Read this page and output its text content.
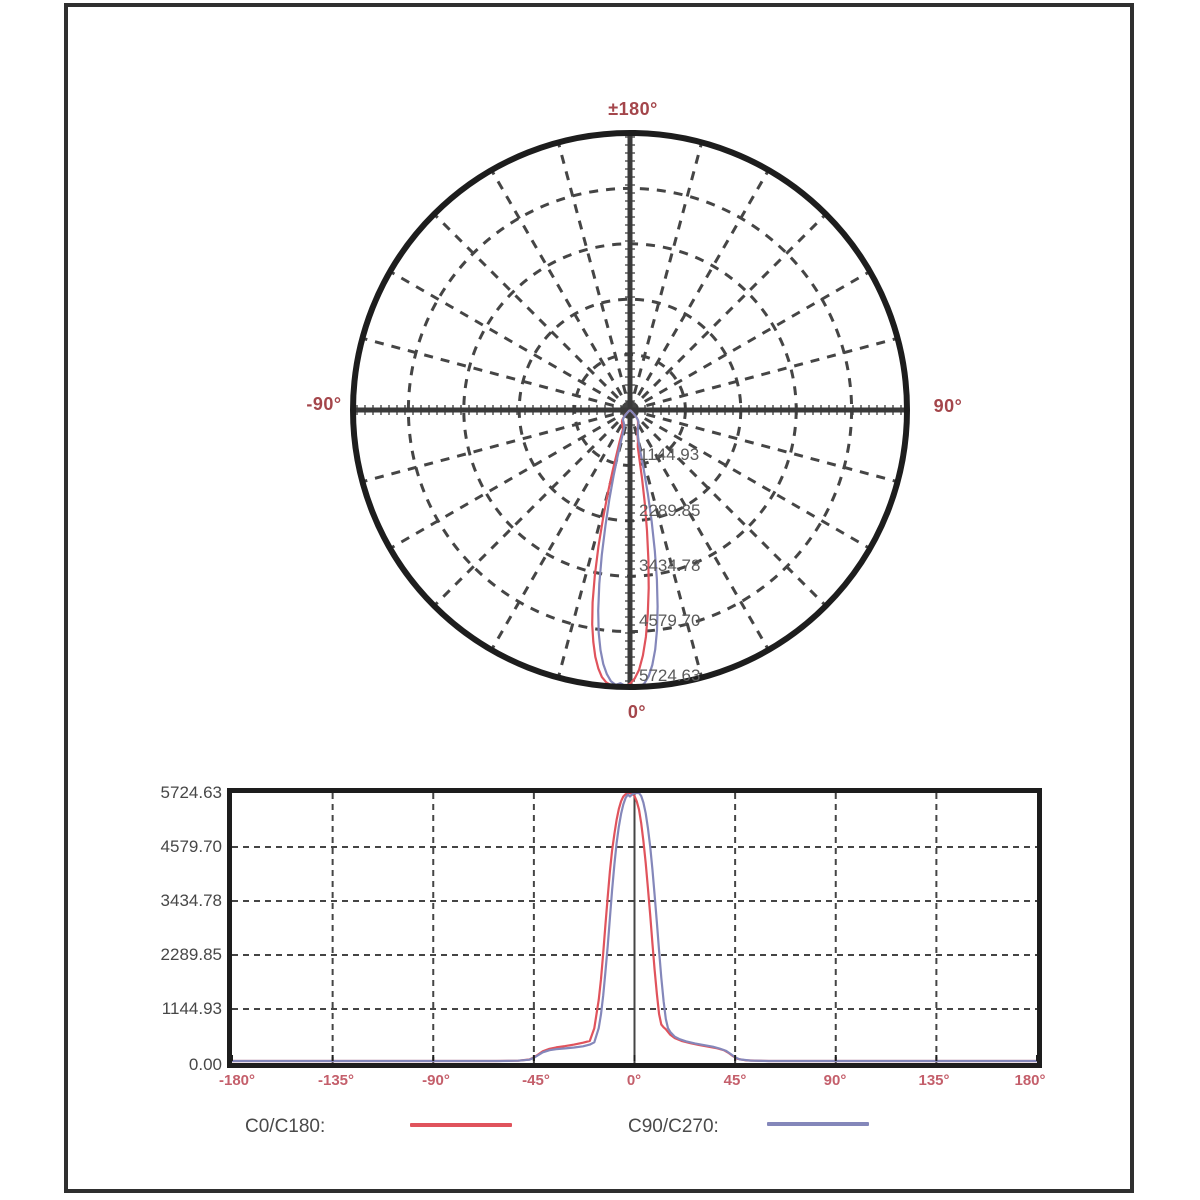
±180°
-90°	90°
0°
1144.93
2289.85
3434.78
4579.70
5724.63
5724.63
4579.70
3434.78
2289.85
1144.93
0.00
-180°	-135°	-90°	-45°	0°	45°	90°	135°	180°
C0/C180:	C90/C270:
